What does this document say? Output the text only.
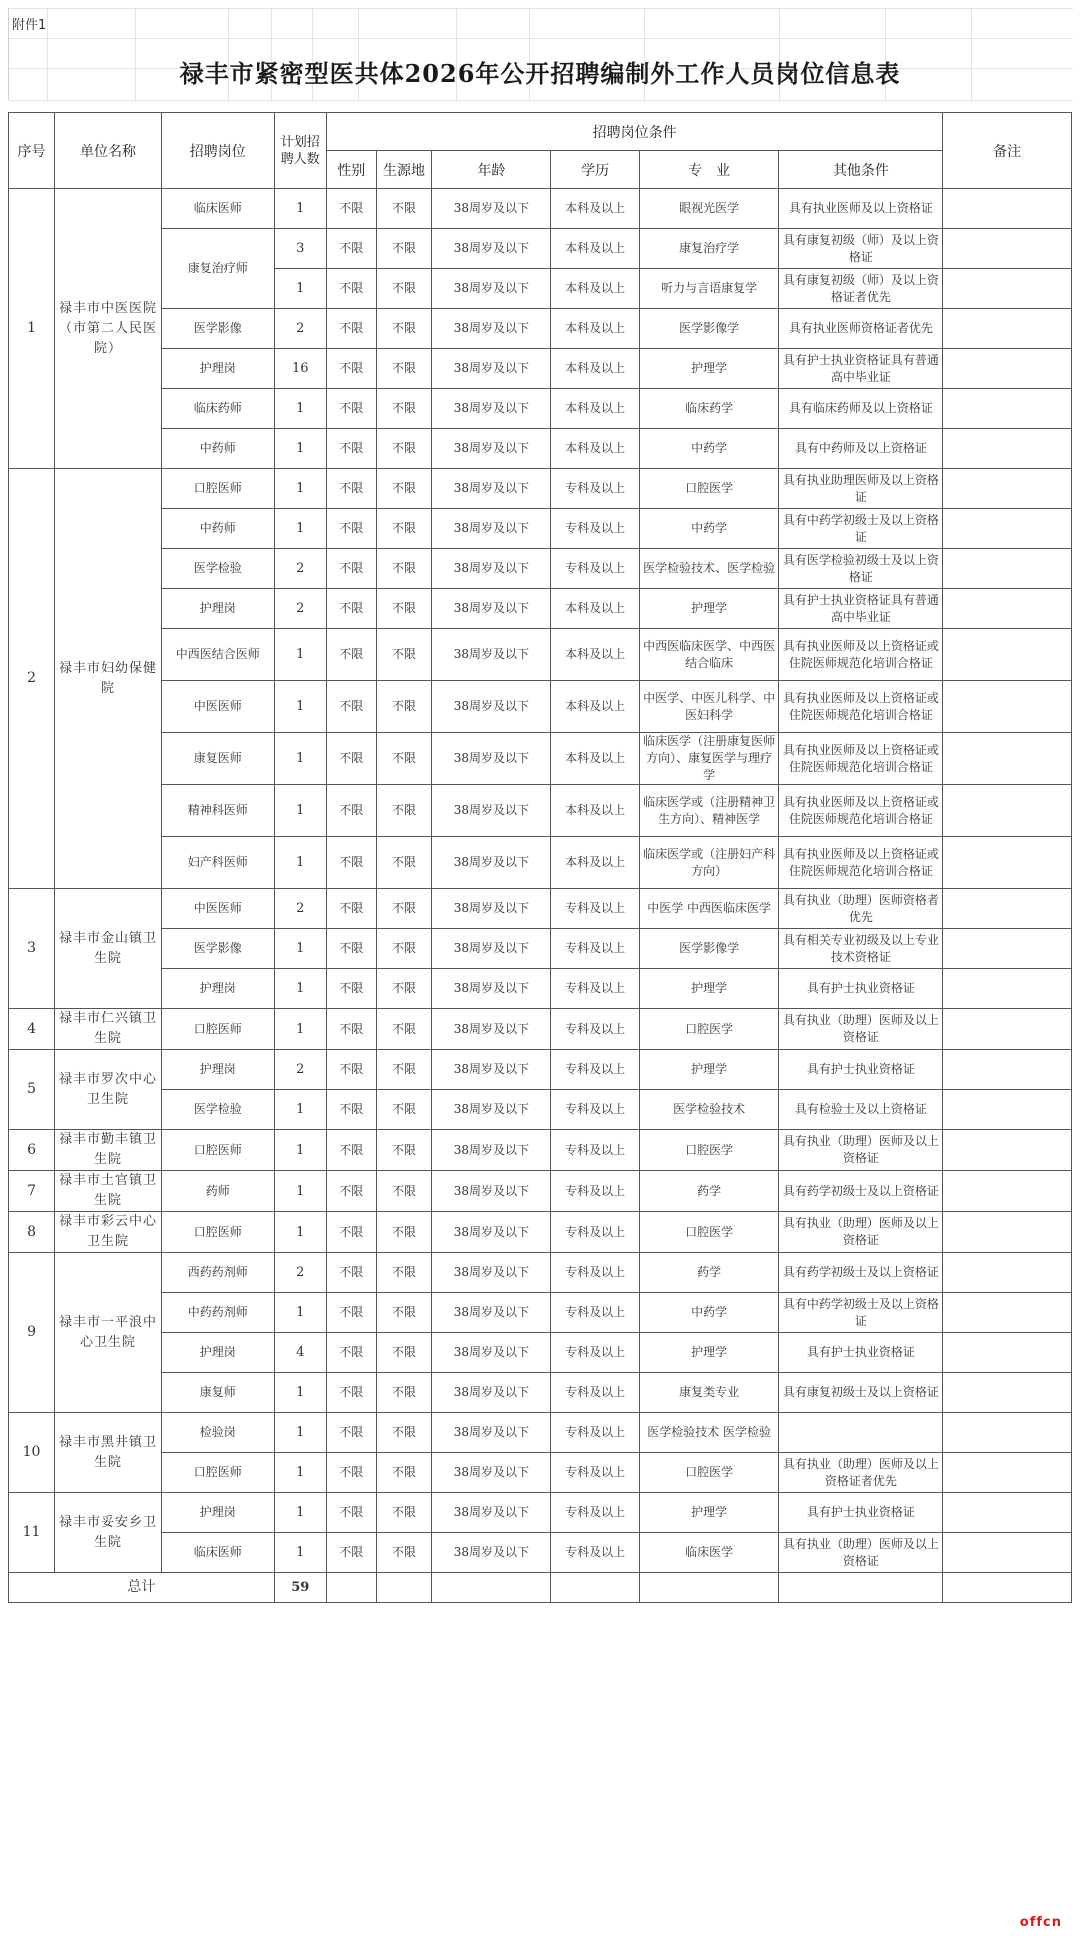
附件1
禄丰市紧密型医共体2026年公开招聘编制外工作人员岗位信息表
序号	单位名称	招聘岗位	计划招聘人数	招聘岗位条件						备注
				性别	生源地	年龄	学历	专　业	其他条件	
1	禄丰市中医医院（市第二人民医院）	临床医师	1	不限	不限	38周岁及以下	本科及以上	眼视光医学	具有执业医师及以上资格证	
		康复治疗师	3	不限	不限	38周岁及以下	本科及以上	康复治疗学	具有康复初级（师）及以上资格证	
			1	不限	不限	38周岁及以下	本科及以上	听力与言语康复学	具有康复初级（师）及以上资格证者优先	
		医学影像	2	不限	不限	38周岁及以下	本科及以上	医学影像学	具有执业医师资格证者优先	
		护理岗	16	不限	不限	38周岁及以下	本科及以上	护理学	具有护士执业资格证具有普通高中毕业证	
		临床药师	1	不限	不限	38周岁及以下	本科及以上	临床药学	具有临床药师及以上资格证	
		中药师	1	不限	不限	38周岁及以下	本科及以上	中药学	具有中药师及以上资格证	
2	禄丰市妇幼保健院	口腔医师	1	不限	不限	38周岁及以下	专科及以上	口腔医学	具有执业助理医师及以上资格证	
		中药师	1	不限	不限	38周岁及以下	专科及以上	中药学	具有中药学初级士及以上资格证	
		医学检验	2	不限	不限	38周岁及以下	专科及以上	医学检验技术、医学检验	具有医学检验初级士及以上资格证	
		护理岗	2	不限	不限	38周岁及以下	本科及以上	护理学	具有护士执业资格证具有普通高中毕业证	
		中西医结合医师	1	不限	不限	38周岁及以下	本科及以上	中西医临床医学、中西医结合临床	具有执业医师及以上资格证或住院医师规范化培训合格证	
		中医医师	1	不限	不限	38周岁及以下	本科及以上	中医学、中医儿科学、中医妇科学	具有执业医师及以上资格证或住院医师规范化培训合格证	
		康复医师	1	不限	不限	38周岁及以下	本科及以上	临床医学（注册康复医师方向）、康复医学与理疗学	具有执业医师及以上资格证或住院医师规范化培训合格证	
		精神科医师	1	不限	不限	38周岁及以下	本科及以上	临床医学或（注册精神卫生方向）、精神医学	具有执业医师及以上资格证或住院医师规范化培训合格证	
		妇产科医师	1	不限	不限	38周岁及以下	本科及以上	临床医学或（注册妇产科方向）	具有执业医师及以上资格证或住院医师规范化培训合格证	
3	禄丰市金山镇卫生院	中医医师	2	不限	不限	38周岁及以下	专科及以上	中医学 中西医临床医学	具有执业（助理）医师资格者优先	
		医学影像	1	不限	不限	38周岁及以下	专科及以上	医学影像学	具有相关专业初级及以上专业技术资格证	
		护理岗	1	不限	不限	38周岁及以下	专科及以上	护理学	具有护士执业资格证	
4	禄丰市仁兴镇卫生院	口腔医师	1	不限	不限	38周岁及以下	专科及以上	口腔医学	具有执业（助理）医师及以上资格证	
5	禄丰市罗次中心卫生院	护理岗	2	不限	不限	38周岁及以下	专科及以上	护理学	具有护士执业资格证	
		医学检验	1	不限	不限	38周岁及以下	专科及以上	医学检验技术	具有检验士及以上资格证	
6	禄丰市勤丰镇卫生院	口腔医师	1	不限	不限	38周岁及以下	专科及以上	口腔医学	具有执业（助理）医师及以上资格证	
7	禄丰市土官镇卫生院	药师	1	不限	不限	38周岁及以下	专科及以上	药学	具有药学初级士及以上资格证	
8	禄丰市彩云中心卫生院	口腔医师	1	不限	不限	38周岁及以下	专科及以上	口腔医学	具有执业（助理）医师及以上资格证	
9	禄丰市一平浪中心卫生院	西药药剂师	2	不限	不限	38周岁及以下	专科及以上	药学	具有药学初级士及以上资格证	
		中药药剂师	1	不限	不限	38周岁及以下	专科及以上	中药学	具有中药学初级士及以上资格证	
		护理岗	4	不限	不限	38周岁及以下	专科及以上	护理学	具有护士执业资格证	
		康复师	1	不限	不限	38周岁及以下	专科及以上	康复类专业	具有康复初级士及以上资格证	
10	禄丰市黑井镇卫生院	检验岗	1	不限	不限	38周岁及以下	专科及以上	医学检验技术 医学检验		
		口腔医师	1	不限	不限	38周岁及以下	专科及以上	口腔医学	具有执业（助理）医师及以上资格证者优先	
11	禄丰市妥安乡卫生院	护理岗	1	不限	不限	38周岁及以下	专科及以上	护理学	具有护士执业资格证	
		临床医师	1	不限	不限	38周岁及以下	专科及以上	临床医学	具有执业（助理）医师及以上资格证	
总计			59							
offcn
